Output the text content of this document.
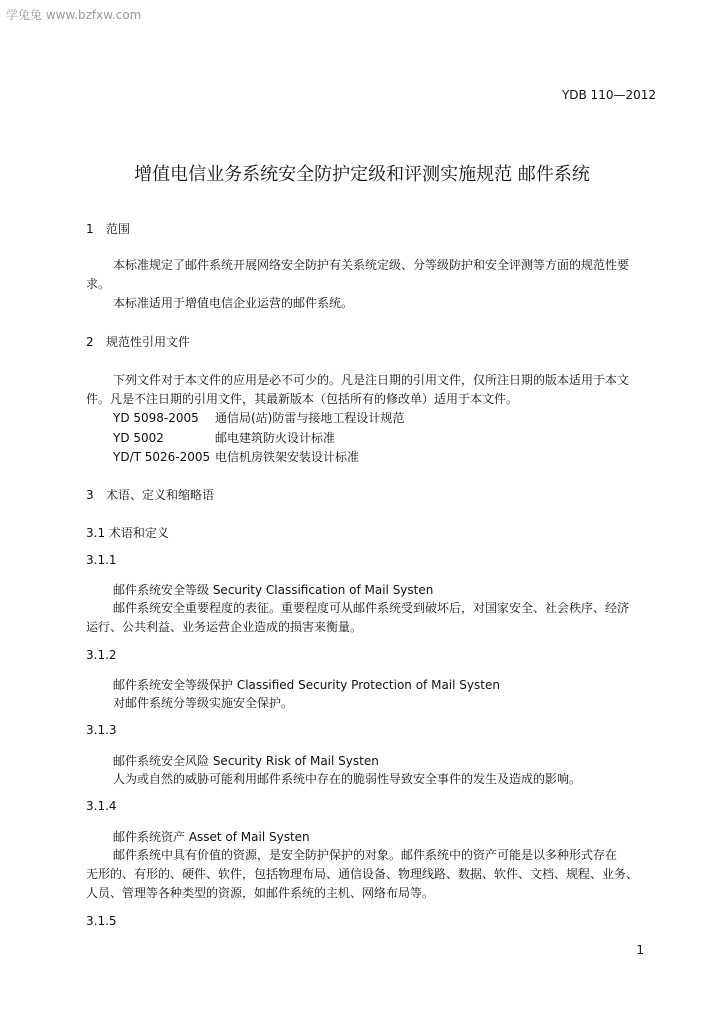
学兔兔 www.bzfxw.com
YDB 110—2012
增值电信业务系统安全防护定级和评测实施规范 邮件系统
1 范围
本标准规定了邮件系统开展网络安全防护有关系统定级、分等级防护和安全评测等方面的规范性要
求。
本标准适用于增值电信企业运营的邮件系统。
2 规范性引用文件
下列文件对于本文件的应用是必不可少的。凡是注日期的引用文件，仅所注日期的版本适用于本文
件。凡是不注日期的引用文件，其最新版本（包括所有的修改单）适用于本文件。
YD 5098-2005 通信局(站)防雷与接地工程设计规范
YD 5002	邮电建筑防火设计标准
YD/T 5026-2005 电信机房铁架安装设计标准
3 术语、定义和缩略语
3.1 术语和定义
3.1.1
邮件系统安全等级 Security Classification of Mail Systen
邮件系统安全重要程度的表征。重要程度可从邮件系统受到破坏后，对国家安全、社会秩序、经济
运行、公共利益、业务运营企业造成的损害来衡量。
3.1.2
邮件系统安全等级保护 Classified Security Protection of Mail Systen
对邮件系统分等级实施安全保护。
3.1.3
邮件系统安全风险 Security Risk of Mail Systen
人为或自然的威胁可能利用邮件系统中存在的脆弱性导致安全事件的发生及造成的影响。
3.1.4
邮件系统资产 Asset of Mail Systen
邮件系统中具有价值的资源，是安全防护保护的对象。邮件系统中的资产可能是以多种形式存在
无形的、有形的、硬件、软件，包括物理布局、通信设备、物理线路、数据、软件、文档、规程、业务、
人员、管理等各种类型的资源，如邮件系统的主机、网络布局等。
3.1.5
1
